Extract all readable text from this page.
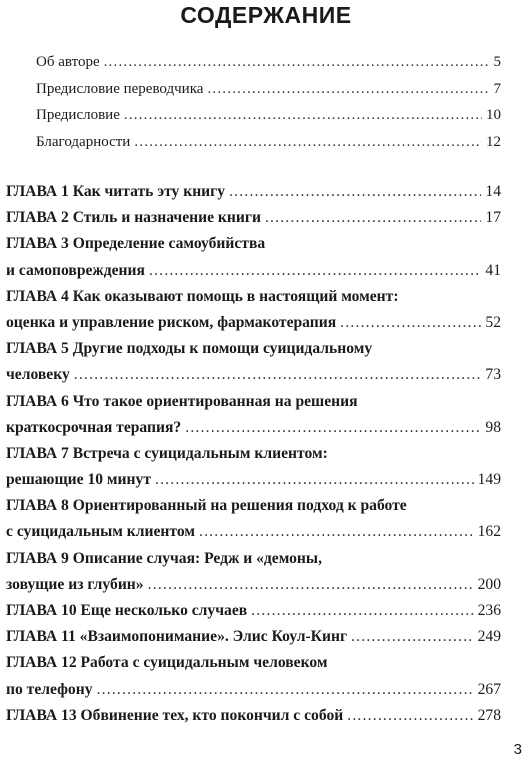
СОДЕРЖАНИЕ
Об авторе .....	5
Предисловие переводчика .....	7
Предисловие .....	10
Благодарности .....	12
ГЛАВА 1 Как читать эту книгу .....	14
ГЛАВА 2 Стиль и назначение книги .....	17
ГЛАВА 3 Определение самоубийства
и самоповреждения .....	41
ГЛАВА 4 Как оказывают помощь в настоящий момент:
оценка и управление риском, фармакотерапия .....	52
ГЛАВА 5 Другие подходы к помощи суицидальному
человеку .....	73
ГЛАВА 6 Что такое ориентированная на решения
краткосрочная терапия? .....	98
ГЛАВА 7 Встреча с суицидальным клиентом:
решающие 10 минут .....	149
ГЛАВА 8 Ориентированный на решения подход к работе
с суицидальным клиентом .....	162
ГЛАВА 9 Описание случая: Редж и «демоны,
зовущие из глубин» .....	200
ГЛАВА 10 Еще несколько случаев .....	236
ГЛАВА 11 «Взаимопонимание». Элис Коул-Кинг .....	249
ГЛАВА 12 Работа с суицидальным человеком
по телефону .....	267
ГЛАВА 13 Обвинение тех, кто покончил с собой .....	278
3
